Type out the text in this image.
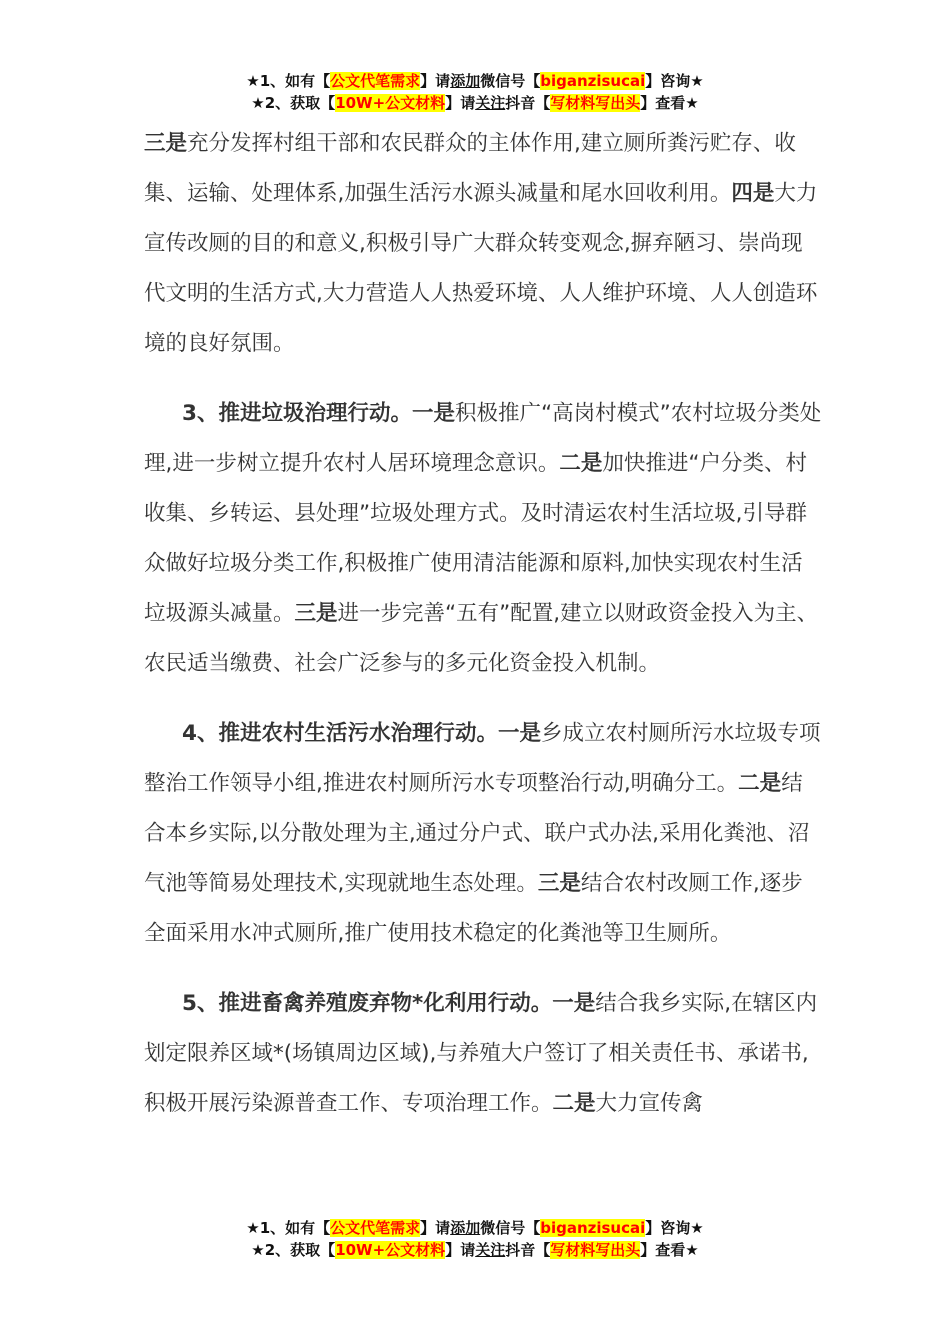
★1、如有【公文代笔需求】请添加微信号【biganzisucai】咨询★
★2、获取【10W+公文材料】请关注抖音【写材料写出头】查看★

三是充分发挥村组干部和农民群众的主体作用,建立厕所粪污贮存、收集、运输、处理体系,加强生活污水源头减量和尾水回收利用。四是大力宣传改厕的目的和意义,积极引导广大群众转变观念,摒弃陋习、崇尚现代文明的生活方式,大力营造人人热爱环境、人人维护环境、人人创造环境的良好氛围。

3、推进垃圾治理行动。一是积极推广“高岗村模式”农村垃圾分类处理,进一步树立提升农村人居环境理念意识。二是加快推进“户分类、村收集、乡转运、县处理”垃圾处理方式。及时清运农村生活垃圾,引导群众做好垃圾分类工作,积极推广使用清洁能源和原料,加快实现农村生活垃圾源头减量。三是进一步完善“五有”配置,建立以财政资金投入为主、农民适当缴费、社会广泛参与的多元化资金投入机制。

4、推进农村生活污水治理行动。一是乡成立农村厕所污水垃圾专项整治工作领导小组,推进农村厕所污水专项整治行动,明确分工。二是结合本乡实际,以分散处理为主,通过分户式、联户式办法,采用化粪池、沼气池等简易处理技术,实现就地生态处理。三是结合农村改厕工作,逐步全面采用水冲式厕所,推广使用技术稳定的化粪池等卫生厕所。

5、推进畜禽养殖废弃物*化利用行动。一是结合我乡实际,在辖区内划定限养区域*(场镇周边区域),与养殖大户签订了相关责任书、承诺书,积极开展污染源普查工作、专项治理工作。二是大力宣传禽

★1、如有【公文代笔需求】请添加微信号【biganzisucai】咨询★
★2、获取【10W+公文材料】请关注抖音【写材料写出头】查看★
